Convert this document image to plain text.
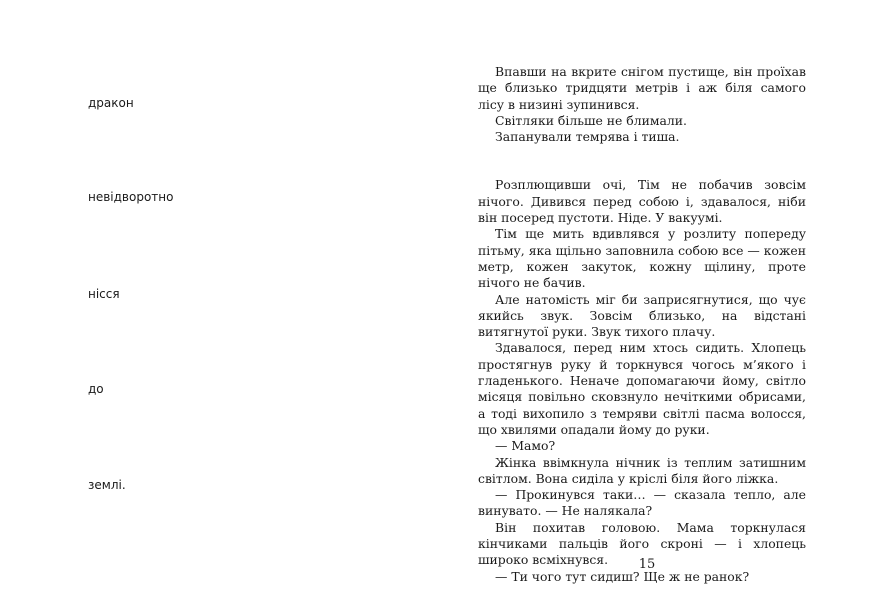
дракон
невідворотно
нісся
до
землі.

Впавши на вкрите снігом пустище, він проїхав ще близько тридцяти метрів і аж біля самого лісу в низині зупинився.

Світляки більше не блимали.

Запанували темрява і тиша.

Розплющивши очі, Тім не побачив зовсім нічого. Дивився перед собою і, здавалося, ніби він посеред пустоти. Ніде. У вакуумі.

Тім ще мить вдивлявся у розлиту попереду пітьму, яка щільно заповнила собою все — кожен метр, кожен закуток, кожну щілину, проте нічого не бачив.

Але натомість міг би заприсягнутися, що чує якийсь звук. Зовсім близько, на відстані витягнутої руки. Звук тихого плачу.

Здавалося, перед ним хтось сидить. Хлопець простягнув руку й торкнувся чогось м’якого і гладенького. Неначе допомагаючи йому, світло місяця повільно сковзнуло нечіткими обрисами, а тоді вихопило з темряви світлі пасма волосся, що хвилями опадали йому до руки.

— Мамо?

Жінка ввімкнула нічник із теплим затишним світлом. Вона сиділа у кріслі біля його ліжка.

— Прокинувся таки… — сказала тепло, але винувато. — Не налякала?

Він похитав головою. Мама торкнулася кінчиками пальців його скроні — і хлопець широко всміхнувся.

— Ти чого тут сидиш? Ще ж не ранок?

15
